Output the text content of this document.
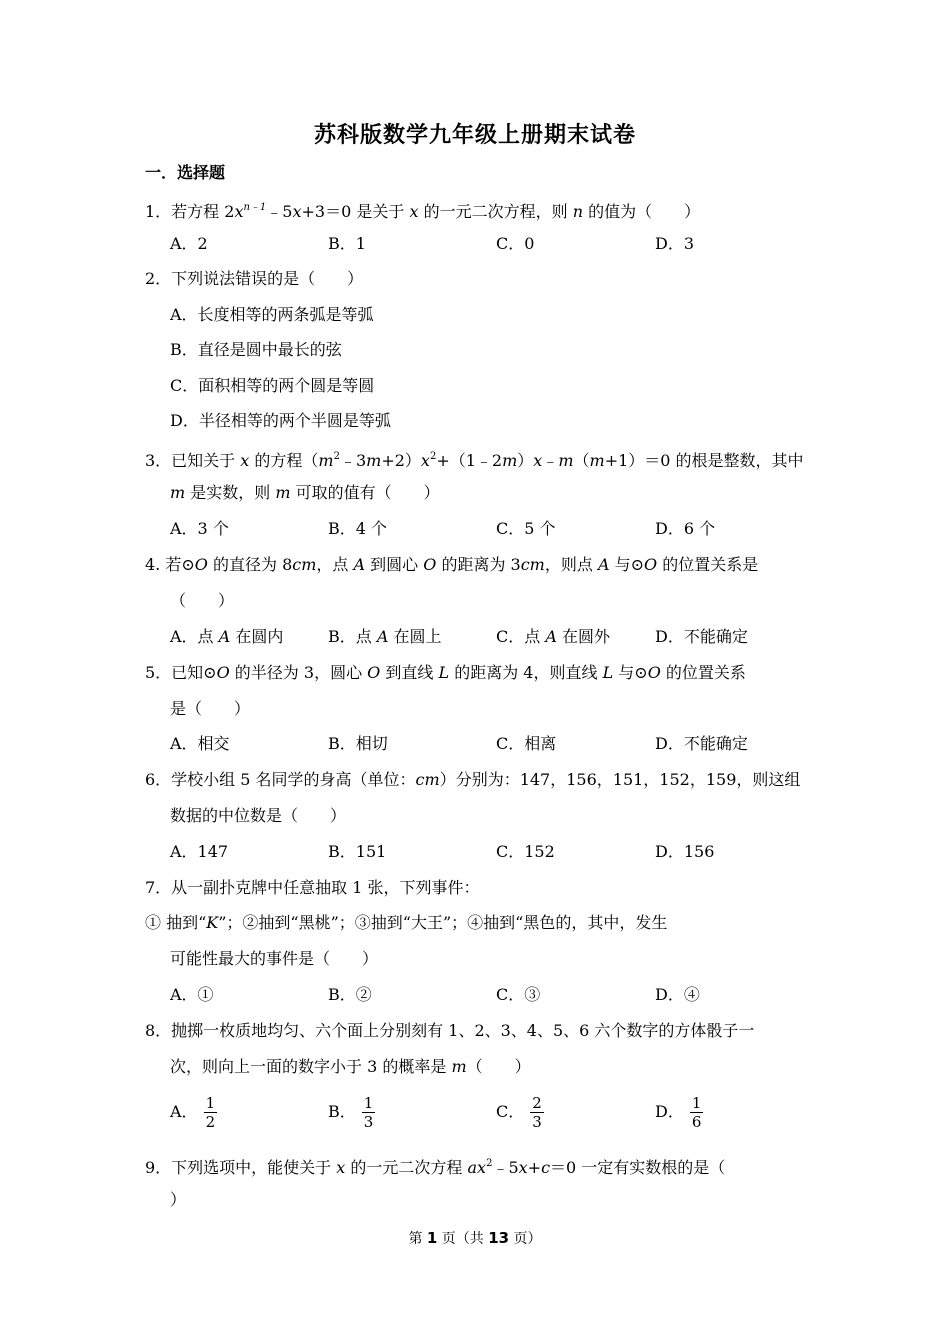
苏科版数学九年级上册期末试卷
一．选择题
1．若方程 $2x^{n﹣1}﹣5x+3=0$ 是关于 x 的一元二次方程，则 n 的值为（　　）
A．2	B．1	C．0	D．3
2．下列说法错误的是（　　）
A．长度相等的两条弧是等弧
B．直径是圆中最长的弦
C．面积相等的两个圆是等圆
D．半径相等的两个半圆是等弧
3．已知关于 x 的方程$(m^2﹣3m+2)x^2+(1﹣2m)x﹣m(m+1)=0$ 的根是整数，其中
m 是实数，则 m 可取的值有（　　）
A．3 个	B．4 个	C．5 个	D．6 个
4. 若⊙O 的直径为 8cm，点 A 到圆心 O 的距离为 3cm，则点 A 与⊙O 的位置关系是
（　　）
A．点 A 在圆内	B．点 A 在圆上	C．点 A 在圆外	D．不能确定
5．已知⊙O 的半径为 3，圆心 O 到直线 L 的距离为 4，则直线 L 与⊙O 的位置关系
是（　　）
A．相交	B．相切	C．相离	D．不能确定
6．学校小组 5 名同学的身高（单位：cm）分别为：147，156，151，152，159，则这组
数据的中位数是（　　）
A．147	B．151	C．152	D．156
7．从一副扑克牌中任意抽取 1 张，下列事件：
① 抽到“K”；②抽到“黑桃”；③抽到“大王”；④抽到“黑色的，其中，发生
可能性最大的事件是（　　）
A．①	B．②	C．③	D．④
8．抛掷一枚质地均匀、六个面上分别刻有 1、2、3、4、5、6 六个数字的方体骰子一
次，则向上一面的数字小于 3 的概率是 m（　　）
A． $\frac{1}{2}$	B． $\frac{1}{3}$	C． $\frac{2}{3}$	D． $\frac{1}{6}$
9．下列选项中，能使关于 x 的一元二次方程 $ax^2﹣5x+c=0$ 一定有实数根的是（
）
第 1 页（共 13 页）
